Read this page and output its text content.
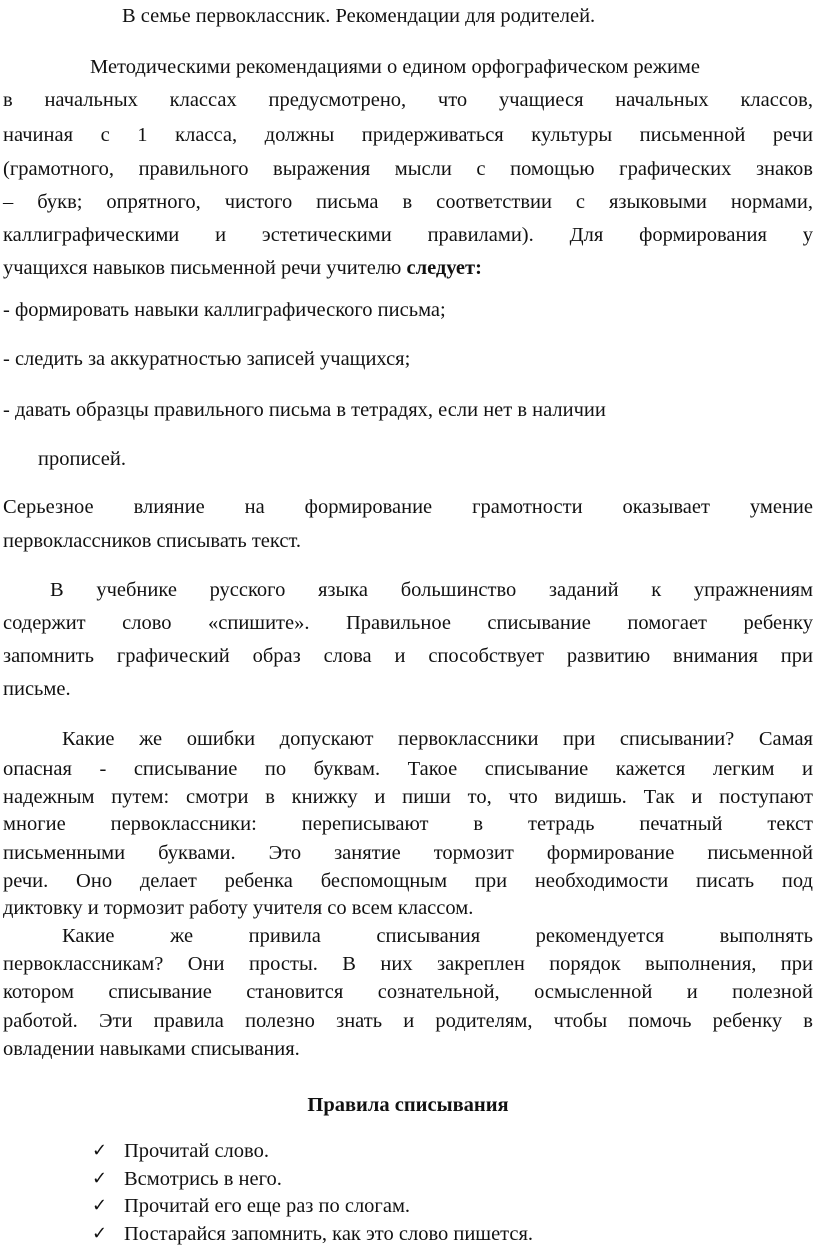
В семье первоклассник. Рекомендации для родителей.

Методическими рекомендациями о едином орфографическом режиме

в начальных классах предусмотрено, что учащиеся начальных классов,

начиная с 1 класса, должны придерживаться культуры письменной речи

(грамотного, правильного выражения мысли с помощью графических знаков

– букв; опрятного, чистого письма в соответствии с языковыми нормами,

каллиграфическими и эстетическими правилами). Для формирования у

учащихся навыков письменной речи учителю следует:

- формировать навыки каллиграфического письма;

- следить за аккуратностью записей учащихся;

- давать образцы правильного письма в тетрадях, если нет в наличии

прописей.

Серьезное влияние на формирование грамотности оказывает умение

первоклассников списывать текст.

В учебнике русского языка большинство заданий к упражнениям

содержит слово «спишите». Правильное списывание помогает ребенку

запомнить графический образ слова и способствует развитию внимания при

письме.

Какие же ошибки допускают первоклассники при списывании? Самая

опасная - списывание по буквам. Такое списывание кажется легким и

надежным путем: смотри в книжку и пиши то, что видишь. Так и поступают

многие первоклассники: переписывают в тетрадь печатный текст

письменными буквами. Это занятие тормозит формирование письменной

речи. Оно делает ребенка беспомощным при необходимости писать под

диктовку и тормозит работу учителя со всем классом.

Какие же привила списывания рекомендуется выполнять

первоклассникам? Они просты. В них закреплен порядок выполнения, при

котором списывание становится сознательной, осмысленной и полезной

работой. Эти правила полезно знать и родителям, чтобы помочь ребенку в

овладении навыками списывания.

Правила списывания

✓ Прочитай слово.
✓ Всмотрись в него.
✓ Прочитай его еще раз по слогам.
✓ Постарайся запомнить, как это слово пишется.
